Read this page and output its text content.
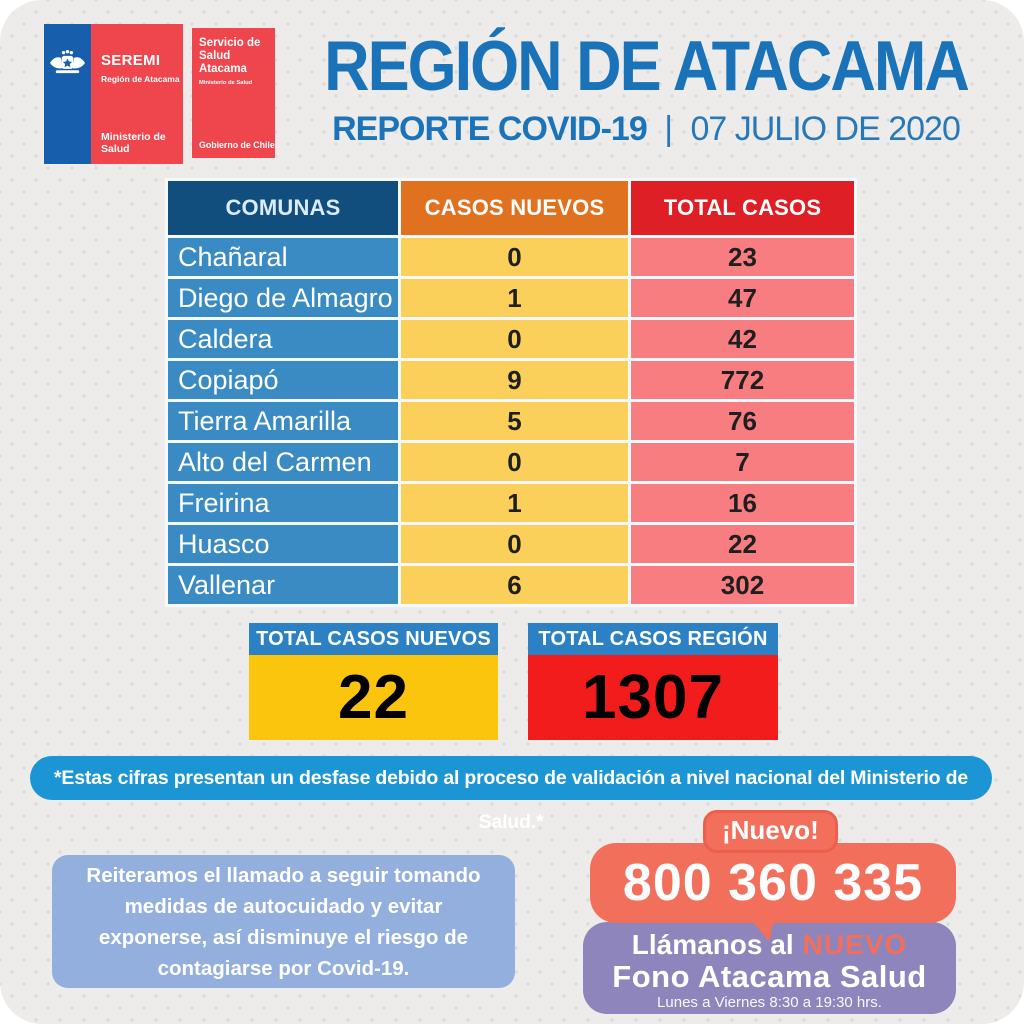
SEREMI
Región de Atacama
Ministerio de Salud
Servicio de Salud Atacama
Ministerio de Salud
Gobierno de Chile
REGIÓN DE ATACAMA
REPORTE COVID-19 | 07 JULIO DE 2020
COMUNAS	CASOS NUEVOS	TOTAL CASOS
Chañaral	0	23
Diego de Almagro	1	47
Caldera	0	42
Copiapó	9	772
Tierra Amarilla	5	76
Alto del Carmen	0	7
Freirina	1	16
Huasco	0	22
Vallenar	6	302
TOTAL CASOS NUEVOS
22
TOTAL CASOS REGIÓN
1307
*Estas cifras presentan un desfase debido al proceso de validación a nivel nacional del Ministerio de Salud.*
Reiteramos el llamado a seguir tomando medidas de autocuidado y evitar exponerse, así disminuye el riesgo de contagiarse por Covid-19.
¡Nuevo!
800 360 335
Llámanos al NUEVO
Fono Atacama Salud
Lunes a Viernes 8:30 a 19:30 hrs.
